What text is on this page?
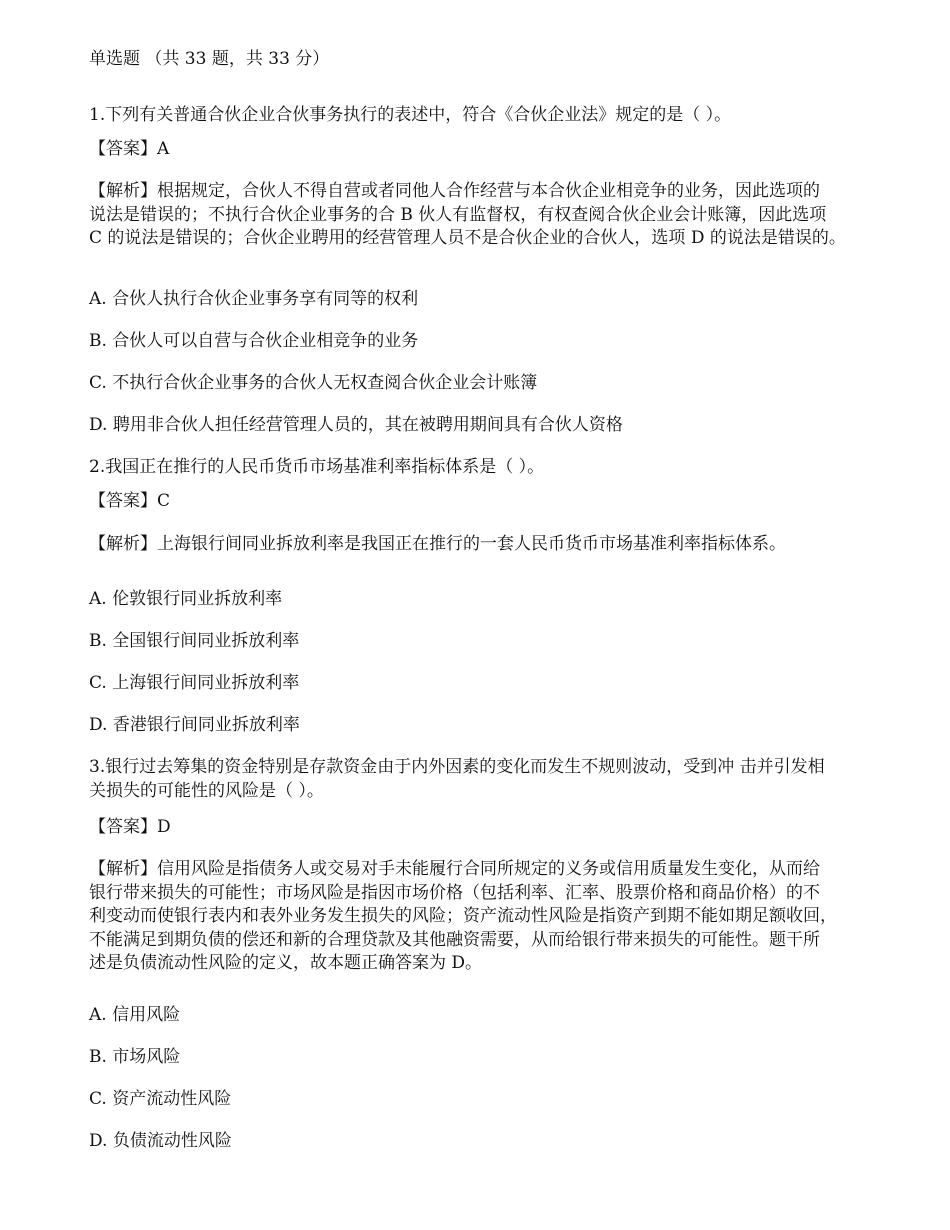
单选题 （共 33 题，共 33 分）
1.下列有关普通合伙企业合伙事务执行的表述中，符合《合伙企业法》规定的是（ ）。
【答案】A

【解析】根据规定，合伙人不得自营或者同他人合作经营与本合伙企业相竞争的业务，因此选项的

说法是错误的；不执行合伙企业事务的合 B 伙人有监督权，有权查阅合伙企业会计账簿，因此选项

C 的说法是错误的；合伙企业聘用的经营管理人员不是合伙企业的合伙人，选项 D 的说法是错误的。

A. 合伙人执行合伙企业事务享有同等的权利
B. 合伙人可以自营与合伙企业相竞争的业务
C. 不执行合伙企业事务的合伙人无权查阅合伙企业会计账簿
D. 聘用非合伙人担任经营管理人员的，其在被聘用期间具有合伙人资格
2.我国正在推行的人民币货币市场基准利率指标体系是（ ）。
【答案】C

【解析】上海银行间同业拆放利率是我国正在推行的一套人民币货币市场基准利率指标体系。

A. 伦敦银行同业拆放利率
B. 全国银行间同业拆放利率
C. 上海银行间同业拆放利率
D. 香港银行间同业拆放利率

3.银行过去筹集的资金特别是存款资金由于内外因素的变化而发生不规则波动，受到冲 击并引发相

关损失的可能性的风险是（ ）。

【答案】D

【解析】信用风险是指债务人或交易对手未能履行合同所规定的义务或信用质量发生变化，从而给

银行带来损失的可能性；市场风险是指因市场价格（包括利率、汇率、股票价格和商品价格）的不

利变动而使银行表内和表外业务发生损失的风险；资产流动性风险是指资产到期不能如期足额收回，

不能满足到期负债的偿还和新的合理贷款及其他融资需要，从而给银行带来损失的可能性。题干所

述是负债流动性风险的定义，故本题正确答案为 D。

A. 信用风险
B. 市场风险
C. 资产流动性风险
D. 负债流动性风险
